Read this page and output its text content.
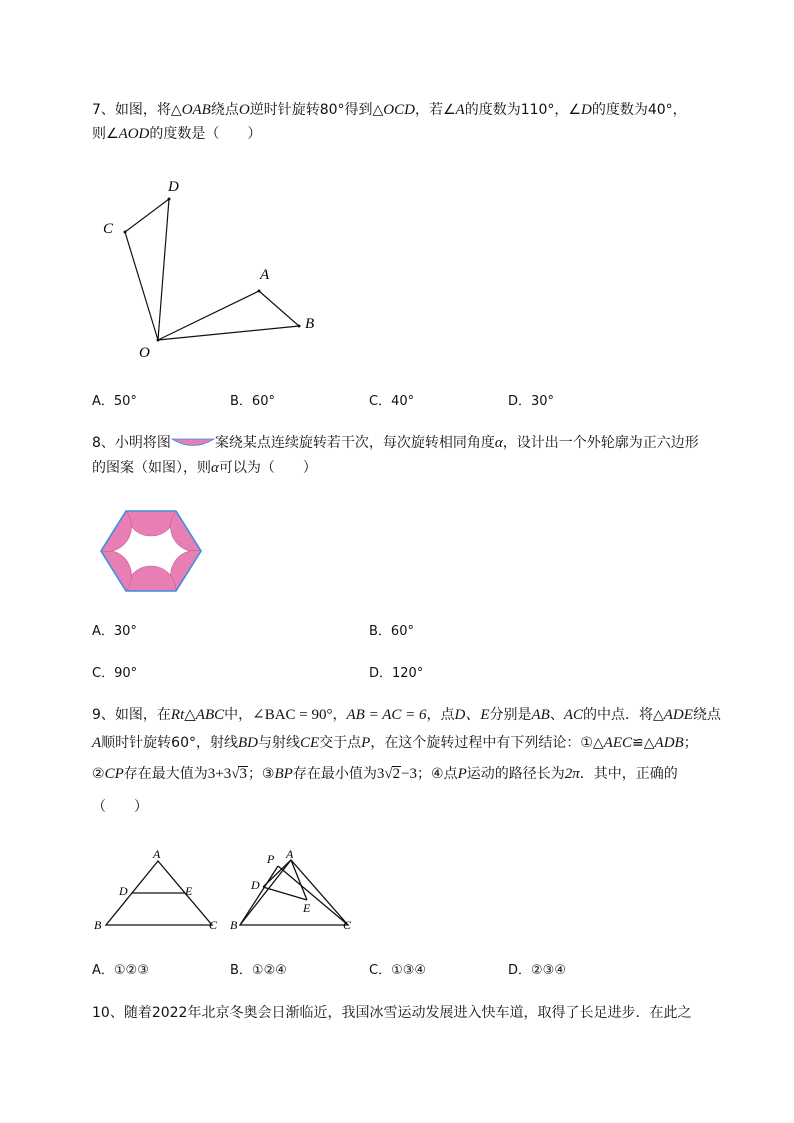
7、如图，将△OAB绕点O逆时针旋转80°得到△OCD，若∠A的度数为110°，∠D的度数为40°，
则∠AOD的度数是（　　）
D
C
A
B
O
A．50°	B．60°	C．40°	D．30°
8、小明将图	案绕某点连续旋转若干次，每次旋转相同角度α，设计出一个外轮廓为正六边形
的图案（如图），则α可以为（　　）
A．30°	B．60°
C．90°	D．120°
9、如图，在Rt△ABC中，∠BAC = 90°，AB = AC = 6，点D、E分别是AB、AC的中点．将△ADE绕点
A顺时针旋转60°，射线BD与射线CE交于点P，在这个旋转过程中有下列结论：①△AEC≌△ADB；
②CP存在最大值为3+3√3；③BP存在最小值为3√2−3；④点P运动的路径长为2π．其中，正确的
（　　）
A
D	E
B	C
P A
D
E
B	C
A．①②③	B．①②④	C．①③④	D．②③④
10、随着2022年北京冬奥会日渐临近，我国冰雪运动发展进入快车道，取得了长足进步．在此之
